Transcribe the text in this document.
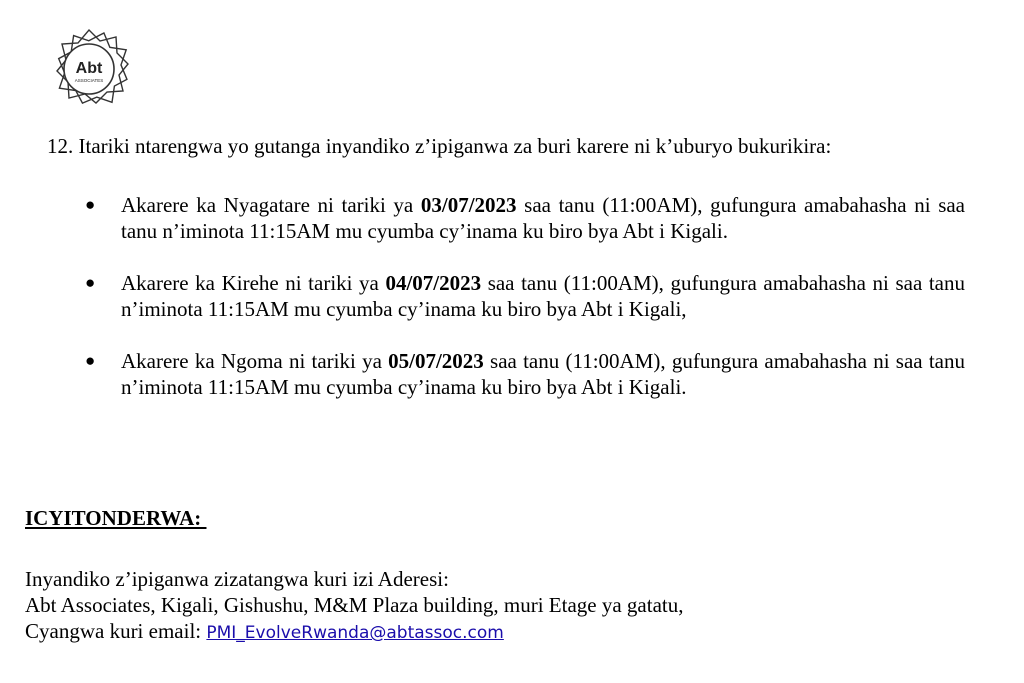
Abt
ASSOCIATES
12. Itariki ntarengwa yo gutanga inyandiko z’ipiganwa za buri karere ni k’uburyo bukurikira:
● Akarere ka Nyagatare ni tariki ya 03/07/2023 saa tanu (11:00AM), gufungura amabahasha ni saa tanu n’iminota 11:15AM mu cyumba cy’inama ku biro bya Abt i Kigali.
● Akarere ka Kirehe ni tariki ya 04/07/2023 saa tanu (11:00AM), gufungura amabahasha ni saa tanu n’iminota 11:15AM mu cyumba cy’inama ku biro bya Abt i Kigali,
● Akarere ka Ngoma ni tariki ya 05/07/2023 saa tanu (11:00AM), gufungura amabahasha ni saa tanu n’iminota 11:15AM mu cyumba cy’inama ku biro bya Abt i Kigali.
ICYITONDERWA:
Inyandiko z’ipiganwa zizatangwa kuri izi Aderesi:
Abt Associates, Kigali, Gishushu, M&M Plaza building, muri Etage ya gatatu,
Cyangwa kuri email: PMI_EvolveRwanda@abtassoc.com
